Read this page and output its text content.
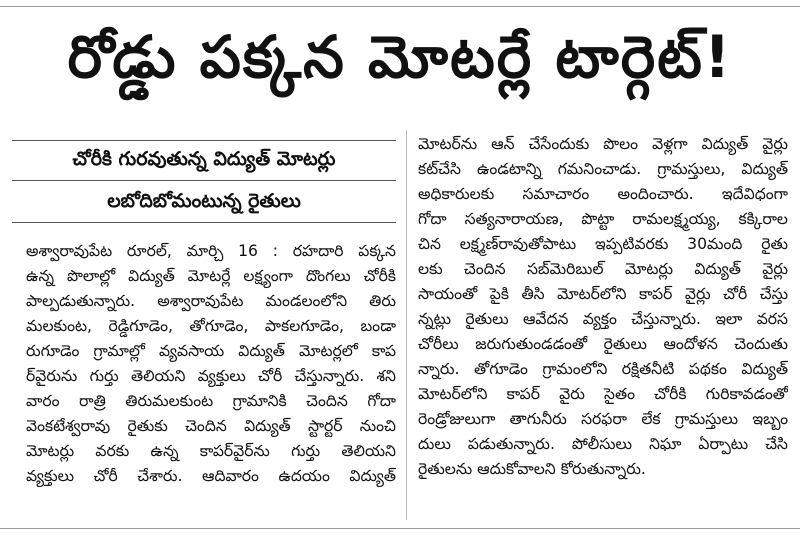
రోడ్డు పక్కన మోటర్లే టార్గెట్!
చోరీకి గురవుతున్న విద్యుత్ మోటర్లు
లబోదిబోమంటున్న రైతులు
అశ్వారావుపేట రూరల్, మార్చి 16 : రహదారి పక్కన
ఉన్న పొలాల్లో విద్యుత్ మోటర్లే లక్ష్యంగా దొంగలు చోరీకి
పాల్పడుతున్నారు. అశ్వారావుపేట మండలంలోని తిరు
మలకుంట, రెడ్డిగూడెం, తోగూడెం, పాకలగూడెం, బండా
రుగూడెం గ్రామాల్లో వ్యవసాయ విద్యుత్ మోటర్లలో కాప
ర్‌వైరును గుర్తు తెలియని వ్యక్తులు చోరీ చేస్తున్నారు. శని
వారం రాత్రి తిరుమలకుంట గ్రామానికి చెందిన గోదా
వెంకటేశ్వరావు రైతుకు చెందిన విద్యుత్ స్టార్టర్ నుంచి
మోటర్లు వరకు ఉన్న కాపర్‌వైర్‌ను గుర్తు తెలియని
వ్యక్తులు చోరీ చేశారు. ఆదివారం ఉదయం విద్యుత్
మోటర్‌ను ఆన్ చేసేందుకు పొలం వెళ్లగా విద్యుత్ వైర్లు
కట్‌చేసి ఉండటాన్ని గమనించాడు. గ్రామస్తులు, విద్యుత్
అధికారులకు సమాచారం అందించారు. ఇదేవిధంగా
గోదా సత్యనారాయణ, పొట్టా రామలక్ష్మయ్య, కక్కిరాల
చిన లక్ష్మణ్‌రావుతోపాటు ఇప్పటివరకు 30మంది రైతు
లకు చెందిన సబ్‌మెరిబుల్ మోటర్లు విద్యుత్ వైర్లు
సాయంతో పైకి తీసి మోటర్‌లోని కాపర్ వైర్లు చోరీ చేస్తు
న్నట్లు రైతులు ఆవేదన వ్యక్తం చేస్తున్నారు. ఇలా వరస
చోరీలు జరుగుతుండడంతో రైతులు ఆందోళన చెందుతు
న్నారు. తోగూడెం గ్రామంలోని రక్షితనీటి పథకం విద్యుత్
మోటర్‌లోని కాపర్ వైరు సైతం చోరీకి గురికావడంతో
రెండ్రోజులుగా తాగునీరు సరఫరా లేక గ్రామస్తులు ఇబ్బం
దులు పడుతున్నారు. పోలీసులు నిఘా ఏర్పాటు చేసి
రైతులను ఆదుకోవాలని కోరుతున్నారు.
